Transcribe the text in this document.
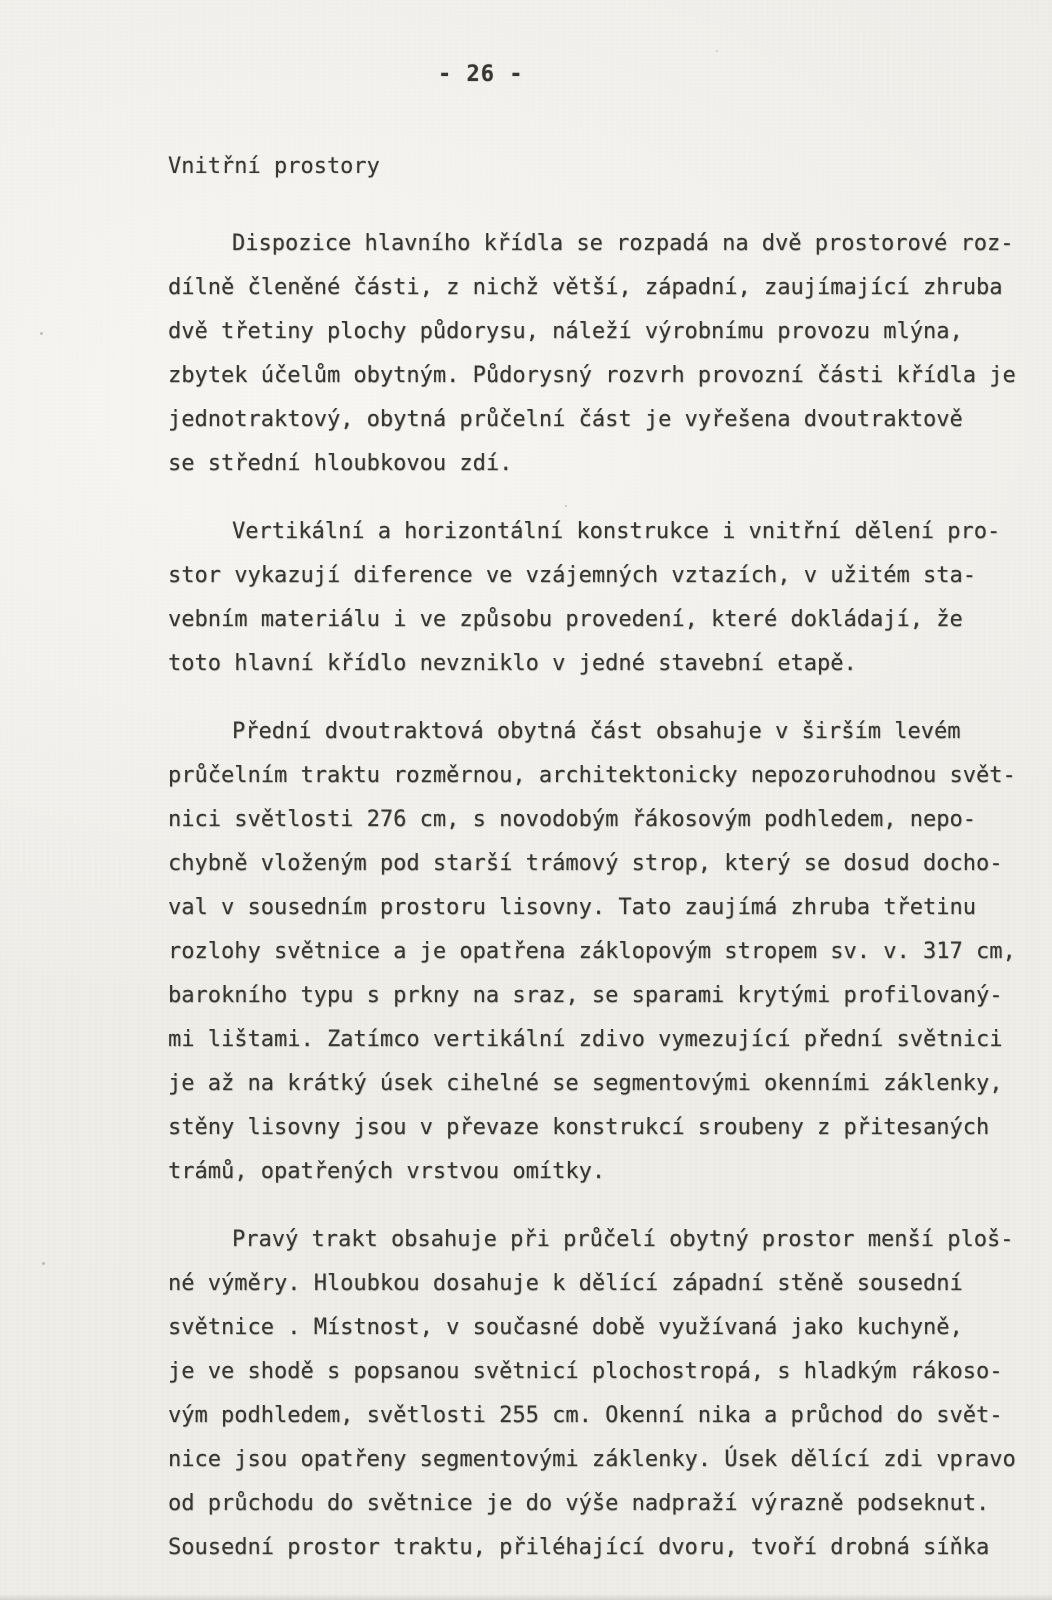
- 26 -
Vnitřní prostory

Dispozice hlavního křídla se rozpadá na dvě prostorové roz-
dílně členěné části, z nichž větší, západní, zaujímající zhruba
dvě třetiny plochy půdorysu, náleží výrobnímu provozu mlýna,
zbytek účelům obytným. Půdorysný rozvrh provozní části křídla je
jednotraktový, obytná průčelní část je vyřešena dvoutraktově
se střední hloubkovou zdí.

Vertikální a horizontální konstrukce i vnitřní dělení pro-
stor vykazují diference ve vzájemných vztazích, v užitém sta-
vebním materiálu i ve způsobu provedení, které dokládají, že
toto hlavní křídlo nevzniklo v jedné stavební etapě.

Přední dvoutraktová obytná část obsahuje v širším levém
průčelním traktu rozměrnou, architektonicky nepozoruhodnou svět-
nici světlosti 276 cm, s novodobým řákosovým podhledem, nepo-
chybně vloženým pod starší trámový strop, který se dosud docho-
val v sousedním prostoru lisovny. Tato zaujímá zhruba třetinu
rozlohy světnice a je opatřena záklopovým stropem sv. v. 317 cm,
barokního typu s prkny na sraz, se sparami krytými profilovaný-
mi lištami. Zatímco vertikální zdivo vymezující přední světnici
je až na krátký úsek cihelné se segmentovými okenními záklenky,
stěny lisovny jsou v převaze konstrukcí sroubeny z přitesaných
trámů, opatřených vrstvou omítky.

Pravý trakt obsahuje při průčelí obytný prostor menší ploš-
né výměry. Hloubkou dosahuje k dělící západní stěně sousední
světnice . Místnost, v současné době využívaná jako kuchyně,
je ve shodě s popsanou světnicí plochostropá, s hladkým rákoso-
vým podhledem, světlosti 255 cm. Okenní nika a průchod do svět-
nice jsou opatřeny segmentovými záklenky. Úsek dělící zdi vpravo
od průchodu do světnice je do výše nadpraží výrazně podseknut.
Sousední prostor traktu, přiléhající dvoru, tvoří drobná síňka
